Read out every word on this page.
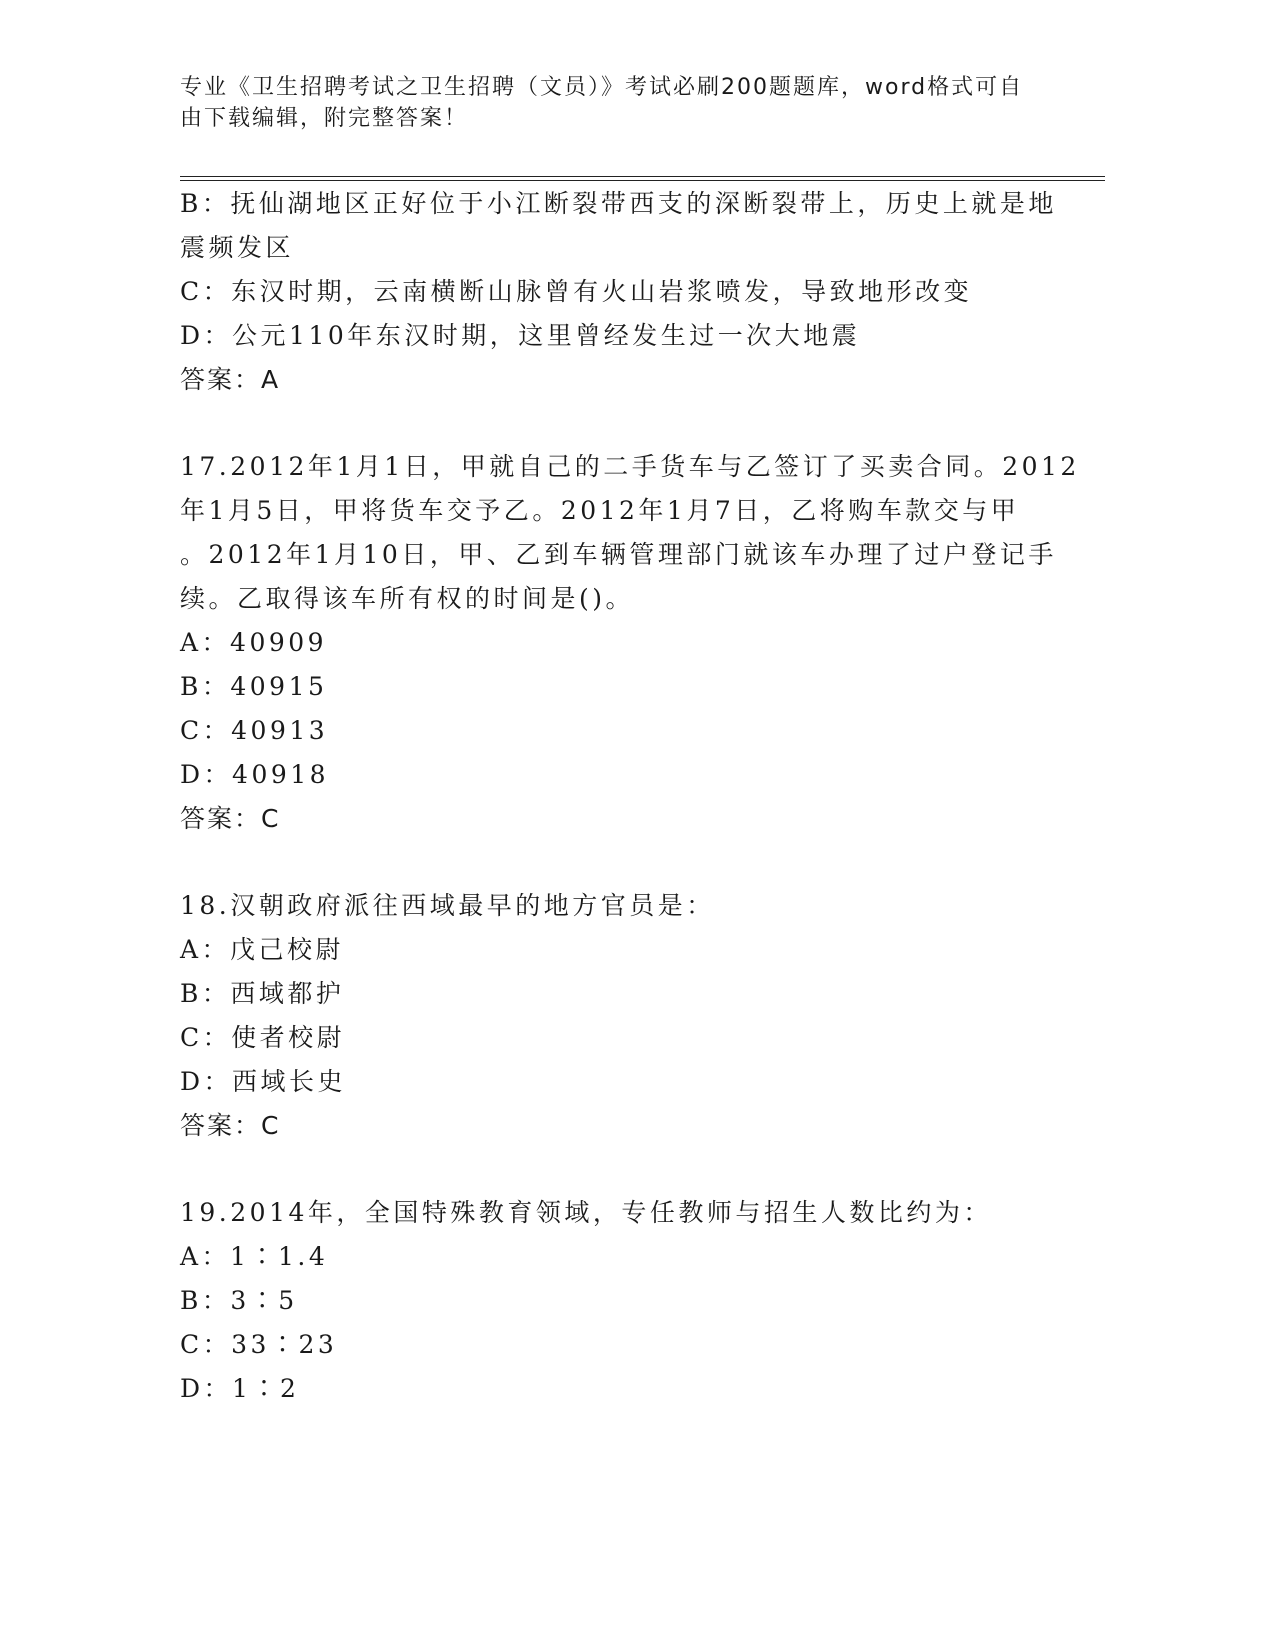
专业《卫生招聘考试之卫生招聘（文员）》考试必刷200题题库，word格式可自
由下载编辑，附完整答案！
B：抚仙湖地区正好位于小江断裂带西支的深断裂带上，历史上就是地
震频发区
C：东汉时期，云南横断山脉曾有火山岩浆喷发，导致地形改变
D：公元110年东汉时期，这里曾经发生过一次大地震
答案：A
17.2012年1月1日，甲就自己的二手货车与乙签订了买卖合同。2012
年1月5日，甲将货车交予乙。2012年1月7日，乙将购车款交与甲
。2012年1月10日，甲、乙到车辆管理部门就该车办理了过户登记手
续。乙取得该车所有权的时间是()。
A：40909
B：40915
C：40913
D：40918
答案：C
18.汉朝政府派往西域最早的地方官员是：
A：戊己校尉
B：西域都护
C：使者校尉
D：西域长史
答案：C
19.2014年，全国特殊教育领域，专任教师与招生人数比约为：
A：1∶1.4
B：3∶5
C：33∶23
D：1∶2
